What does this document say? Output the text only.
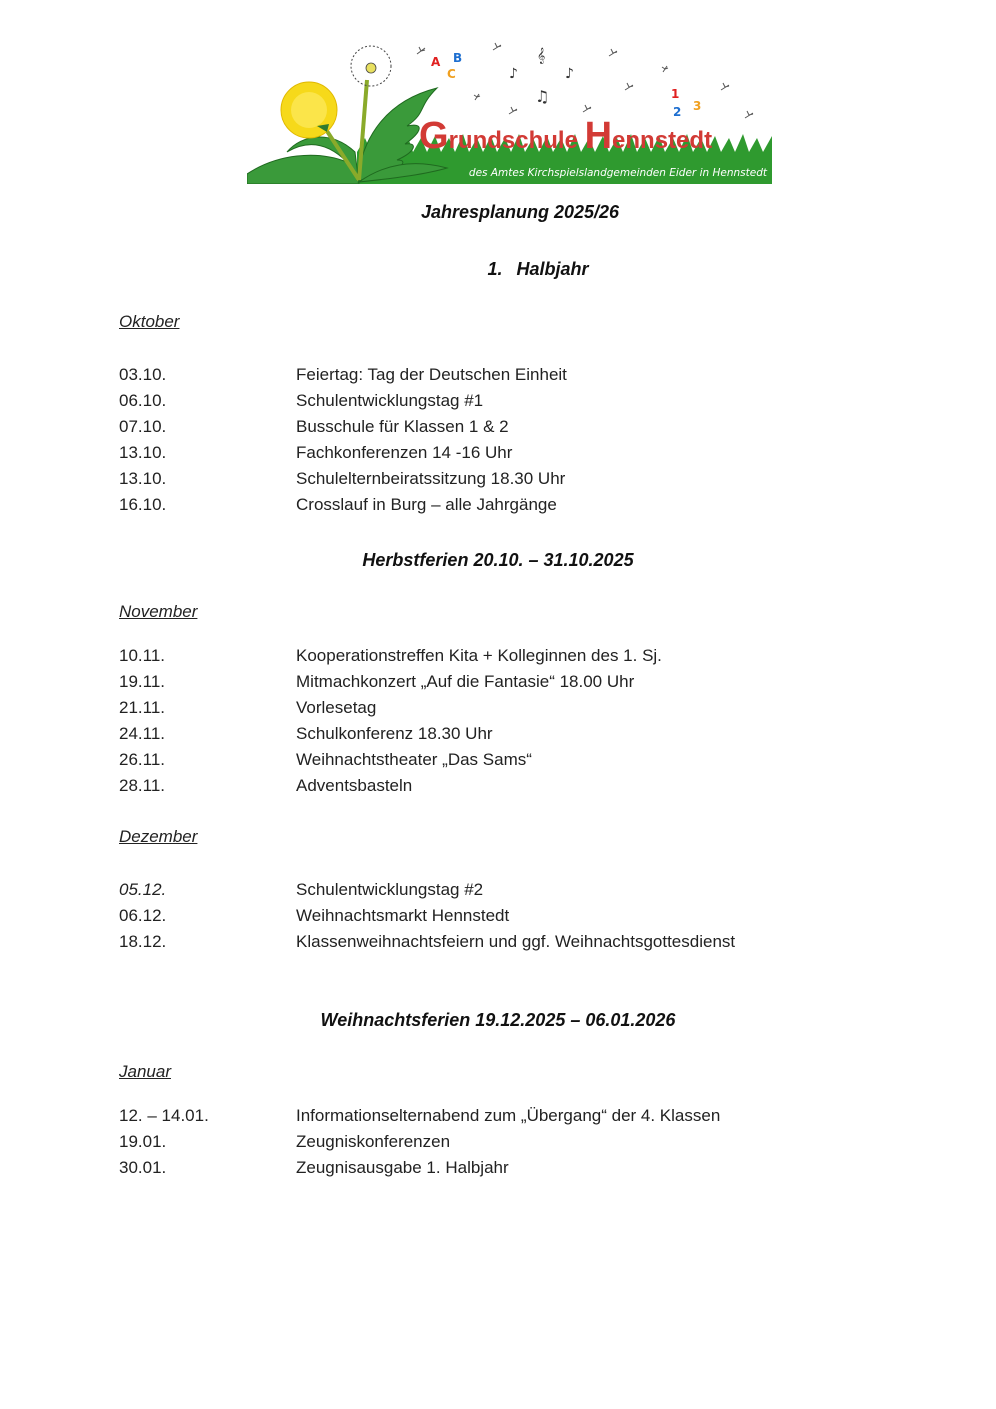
𝄞
♪	♪
♫
A B
C
1
2 3
Grundschule Hennstedt
des Amtes Kirchspielslandgemeinden Eider in Hennstedt
Jahresplanung 2025/26
1. Halbjahr
Oktober
03.10.	Feiertag: Tag der Deutschen Einheit
06.10.	Schulentwicklungstag #1
07.10.	Busschule für Klassen 1 & 2
13.10.	Fachkonferenzen 14 -16 Uhr
13.10.	Schulelternbeiratssitzung 18.30 Uhr
16.10.	Crosslauf in Burg – alle Jahrgänge
Herbstferien 20.10. – 31.10.2025
November
10.11.	Kooperationstreffen Kita + Kolleginnen des 1. Sj.
19.11.	Mitmachkonzert „Auf die Fantasie“ 18.00 Uhr
21.11.	Vorlesetag
24.11.	Schulkonferenz 18.30 Uhr
26.11.	Weihnachtstheater „Das Sams“
28.11.	Adventsbasteln
Dezember
05.12.	Schulentwicklungstag #2
06.12.	Weihnachtsmarkt Hennstedt
18.12.	Klassenweihnachtsfeiern und ggf. Weihnachtsgottesdienst
Weihnachtsferien 19.12.2025 – 06.01.2026
Januar
12. – 14.01.	Informationselternabend zum „Übergang“ der 4. Klassen
19.01.	Zeugniskonferenzen
30.01.	Zeugnisausgabe 1. Halbjahr
